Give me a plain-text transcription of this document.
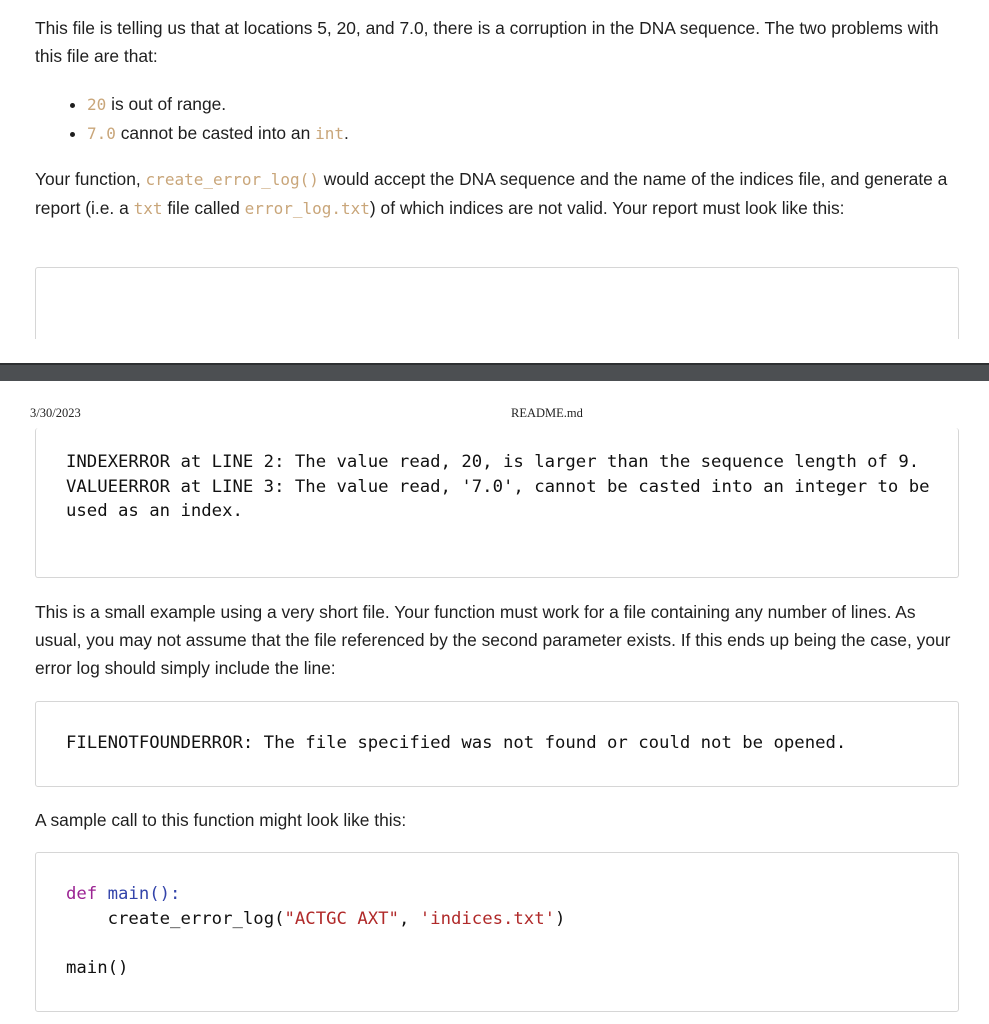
This file is telling us that at locations 5, 20, and 7.0, there is a corruption in the DNA sequence. The two problems with this file are that:

• 20 is out of range.
• 7.0 cannot be casted into an int.

Your function, create_error_log() would accept the DNA sequence and the name of the indices file, and generate a report (i.e. a txt file called error_log.txt) of which indices are not valid. Your report must look like this:

3/30/2023	README.md
INDEXERROR at LINE 2: The value read, 20, is larger than the sequence length of 9.
VALUEERROR at LINE 3: The value read, '7.0', cannot be casted into an integer to be used as an index.

This is a small example using a very short file. Your function must work for a file containing any number of lines. As usual, you may not assume that the file referenced by the second parameter exists. If this ends up being the case, your error log should simply include the line:

FILENOTFOUNDERROR: The file specified was not found or could not be opened.

A sample call to this function might look like this:

def main():
create_error_log("ACTGC AXT", 'indices.txt')

main()
